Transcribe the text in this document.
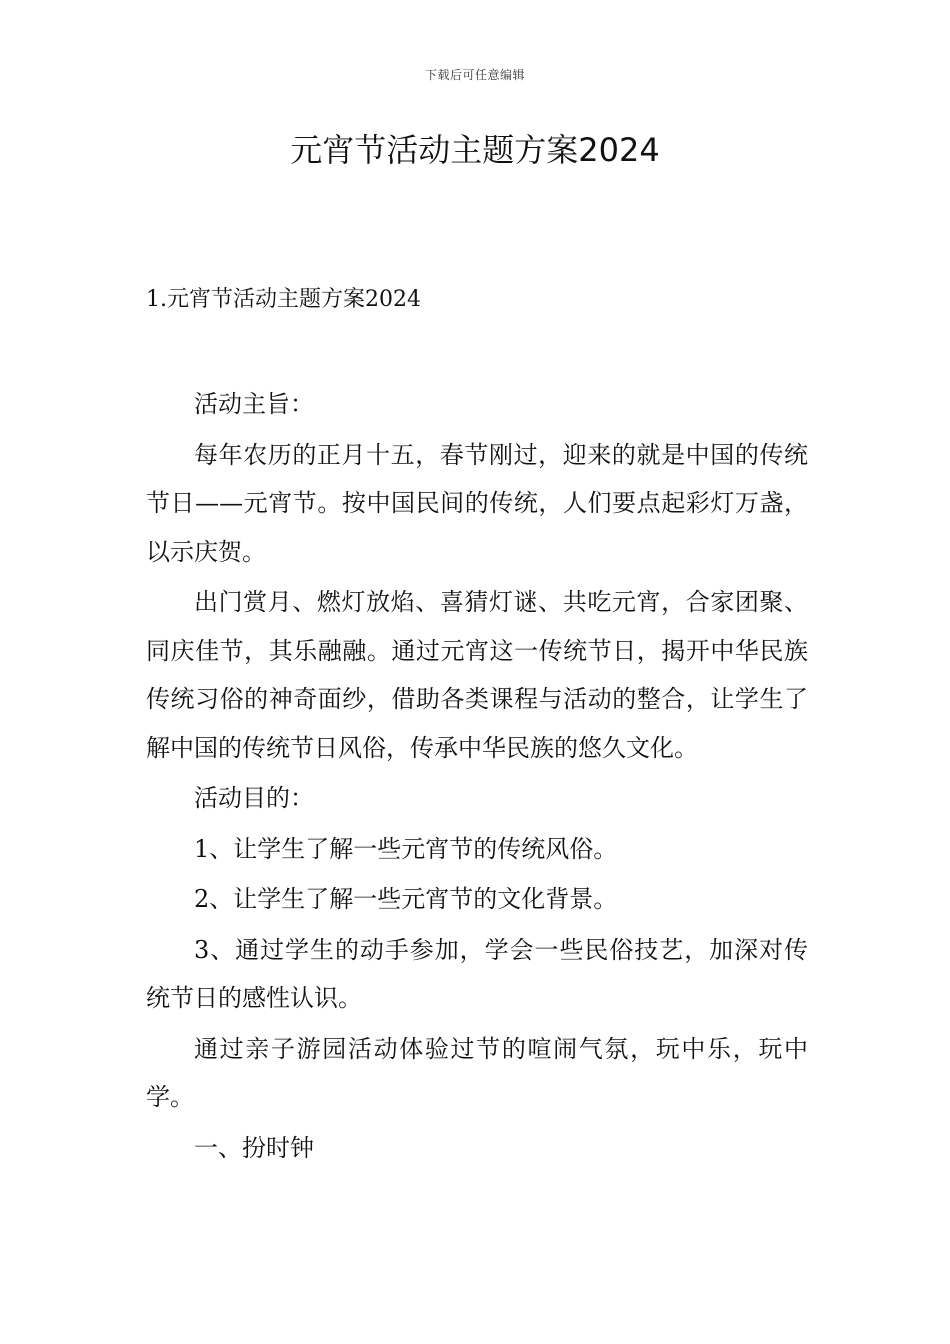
下载后可任意编辑
元宵节活动主题方案2024
1.元宵节活动主题方案2024

活动主旨：

每年农历的正月十五，春节刚过，迎来的就是中国的传统节日——元宵节。按中国民间的传统，人们要点起彩灯万盏，以示庆贺。

出门赏月、燃灯放焰、喜猜灯谜、共吃元宵，合家团聚、同庆佳节，其乐融融。通过元宵这一传统节日，揭开中华民族传统习俗的神奇面纱，借助各类课程与活动的整合，让学生了解中国的传统节日风俗，传承中华民族的悠久文化。

活动目的：

1、让学生了解一些元宵节的传统风俗。

2、让学生了解一些元宵节的文化背景。

3、通过学生的动手参加，学会一些民俗技艺，加深对传统节日的感性认识。

通过亲子游园活动体验过节的喧闹气氛，玩中乐，玩中学。

一、扮时钟
